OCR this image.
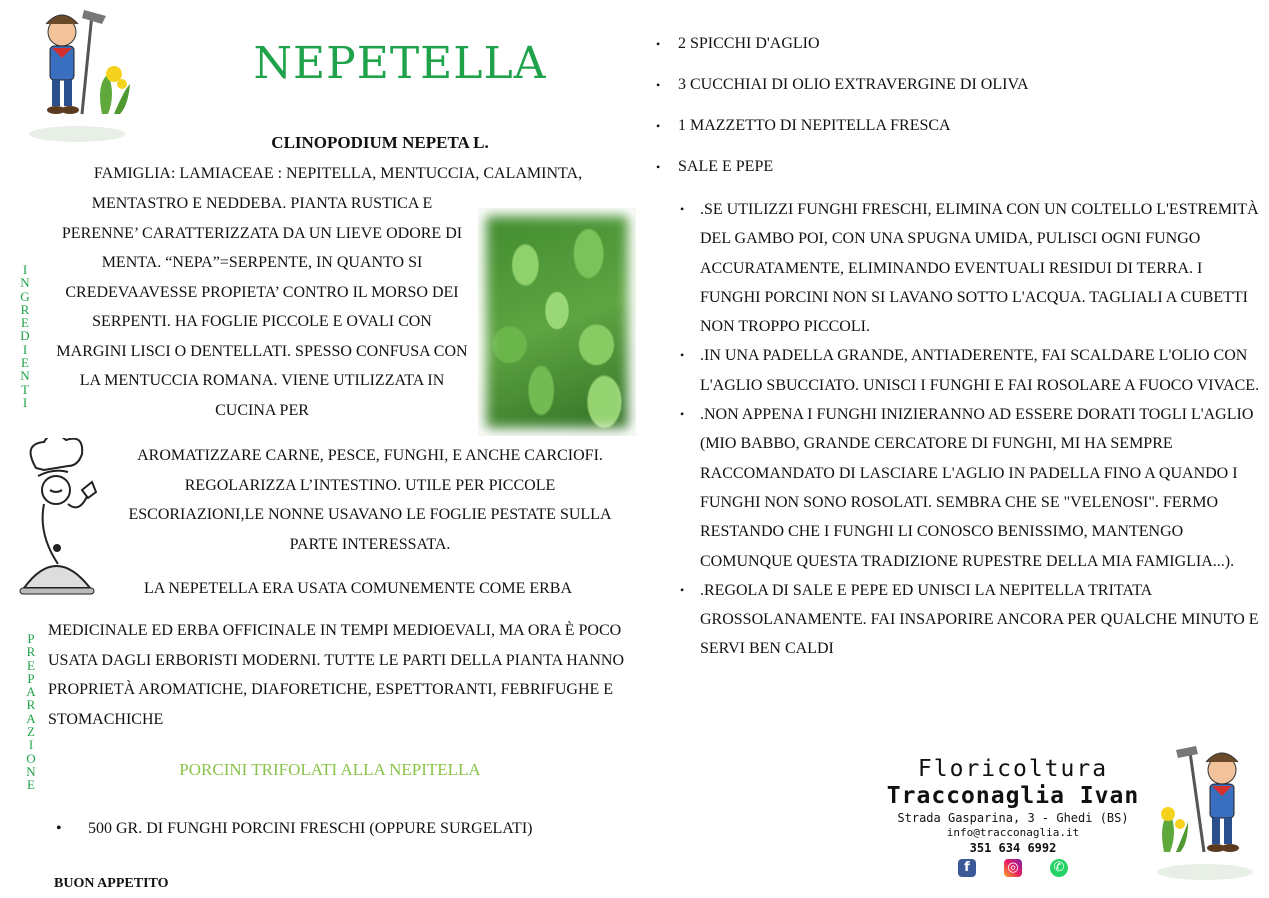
NEPETELLA
CLINOPODIUM NEPETA L.
FAMIGLIA: LAMIACEAE : NEPITELLA, MENTUCCIA, CALAMINTA,
MENTASTRO E NEDDEBA. PIANTA RUSTICA E PERENNE’ CARATTERIZZATA DA UN LIEVE ODORE DI MENTA. “NEPA”=SERPENTE, IN QUANTO SI CREDEVAAVESSE PROPIETA’ CONTRO IL MORSO DEI SERPENTI. HA FOGLIE PICCOLE E OVALI CON MARGINI LISCI O DENTELLATI. SPESSO CONFUSA CON LA MENTUCCIA ROMANA. VIENE UTILIZZATA IN CUCINA PER
AROMATIZZARE CARNE, PESCE, FUNGHI, E ANCHE CARCIOFI. REGOLARIZZA L’INTESTINO. UTILE PER PICCOLE ESCORIAZIONI,LE NONNE USAVANO LE FOGLIE PESTATE SULLA PARTE INTERESSATA.
LA NEPETELLA ERA USATA COMUNEMENTE COME ERBA
MEDICINALE ED ERBA OFFICINALE IN TEMPI MEDIOEVALI, MA ORA È POCO USATA DAGLI ERBORISTI MODERNI. TUTTE LE PARTI DELLA PIANTA HANNO PROPRIETÀ AROMATICHE, DIAFORETICHE, ESPETTORANTI, FEBRIFUGHE E STOMACHICHE
I
N
G
R
E
D
I
E
N
T
I
P
R
E
P
A
R
A
Z
I
O
N
E
PORCINI TRIFOLATI ALLA NEPITELLA
• 500 GR. DI FUNGHI PORCINI FRESCHI (OPPURE SURGELATI)
BUON APPETITO
• 2 SPICCHI D'AGLIO
• 3 CUCCHIAI DI OLIO EXTRAVERGINE DI OLIVA
• 1 MAZZETTO DI NEPITELLA FRESCA
• SALE E PEPE
• .SE UTILIZZI FUNGHI FRESCHI, ELIMINA CON UN COLTELLO L'ESTREMITÀ DEL GAMBO POI, CON UNA SPUGNA UMIDA, PULISCI OGNI FUNGO ACCURATAMENTE, ELIMINANDO EVENTUALI RESIDUI DI TERRA. I FUNGHI PORCINI NON SI LAVANO SOTTO L'ACQUA. TAGLIALI A CUBETTI NON TROPPO PICCOLI.
• .IN UNA PADELLA GRANDE, ANTIADERENTE, FAI SCALDARE L'OLIO CON L'AGLIO SBUCCIATO. UNISCI I FUNGHI E FAI ROSOLARE A FUOCO VIVACE.
• .NON APPENA I FUNGHI INIZIERANNO AD ESSERE DORATI TOGLI L'AGLIO (MIO BABBO, GRANDE CERCATORE DI FUNGHI, MI HA SEMPRE RACCOMANDATO DI LASCIARE L'AGLIO IN PADELLA FINO A QUANDO I FUNGHI NON SONO ROSOLATI. SEMBRA CHE SE "VELENOSI". FERMO RESTANDO CHE I FUNGHI LI CONOSCO BENISSIMO, MANTENGO COMUNQUE QUESTA TRADIZIONE RUPESTRE DELLA MIA FAMIGLIA...).
• .REGOLA DI SALE E PEPE ED UNISCI LA NEPITELLA TRITATA GROSSOLANAMENTE. FAI INSAPORIRE ANCORA PER QUALCHE MINUTO E SERVI BEN CALDI
Floricoltura
Tracconaglia Ivan
Strada Gasparina, 3 - Ghedi (BS)
info@tracconaglia.it
351 634 6992
f	◎	✆
